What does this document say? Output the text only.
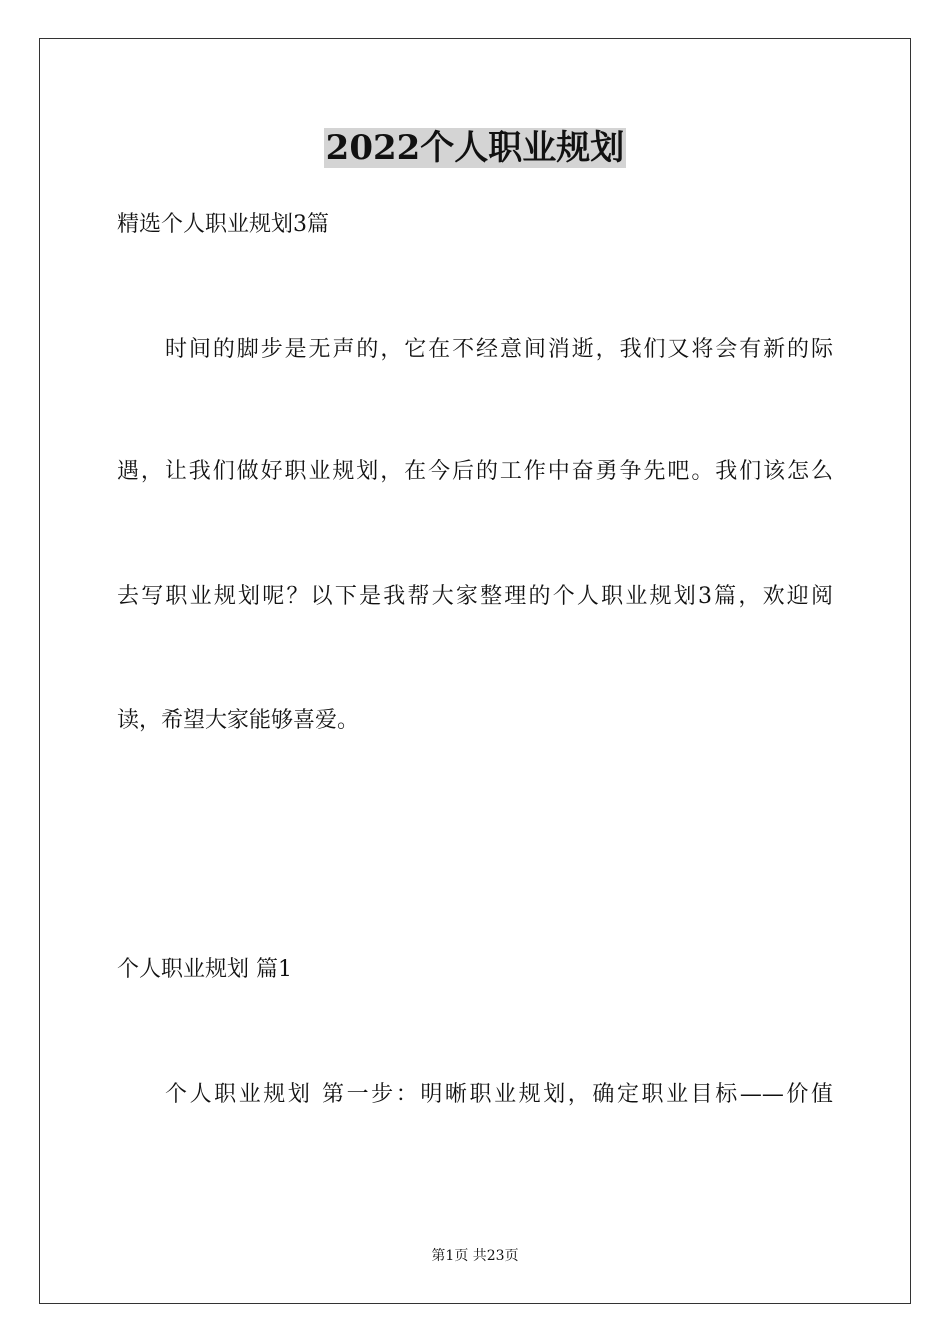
2022个人职业规划
精选个人职业规划3篇
时间的脚步是无声的，它在不经意间消逝，我们又将会有新的际
遇，让我们做好职业规划，在今后的工作中奋勇争先吧。我们该怎么
去写职业规划呢？以下是我帮大家整理的个人职业规划3篇，欢迎阅
读，希望大家能够喜爱。
个人职业规划 篇1
个人职业规划 第一步：明晰职业规划，确定职业目标——价值
第1页 共23页
